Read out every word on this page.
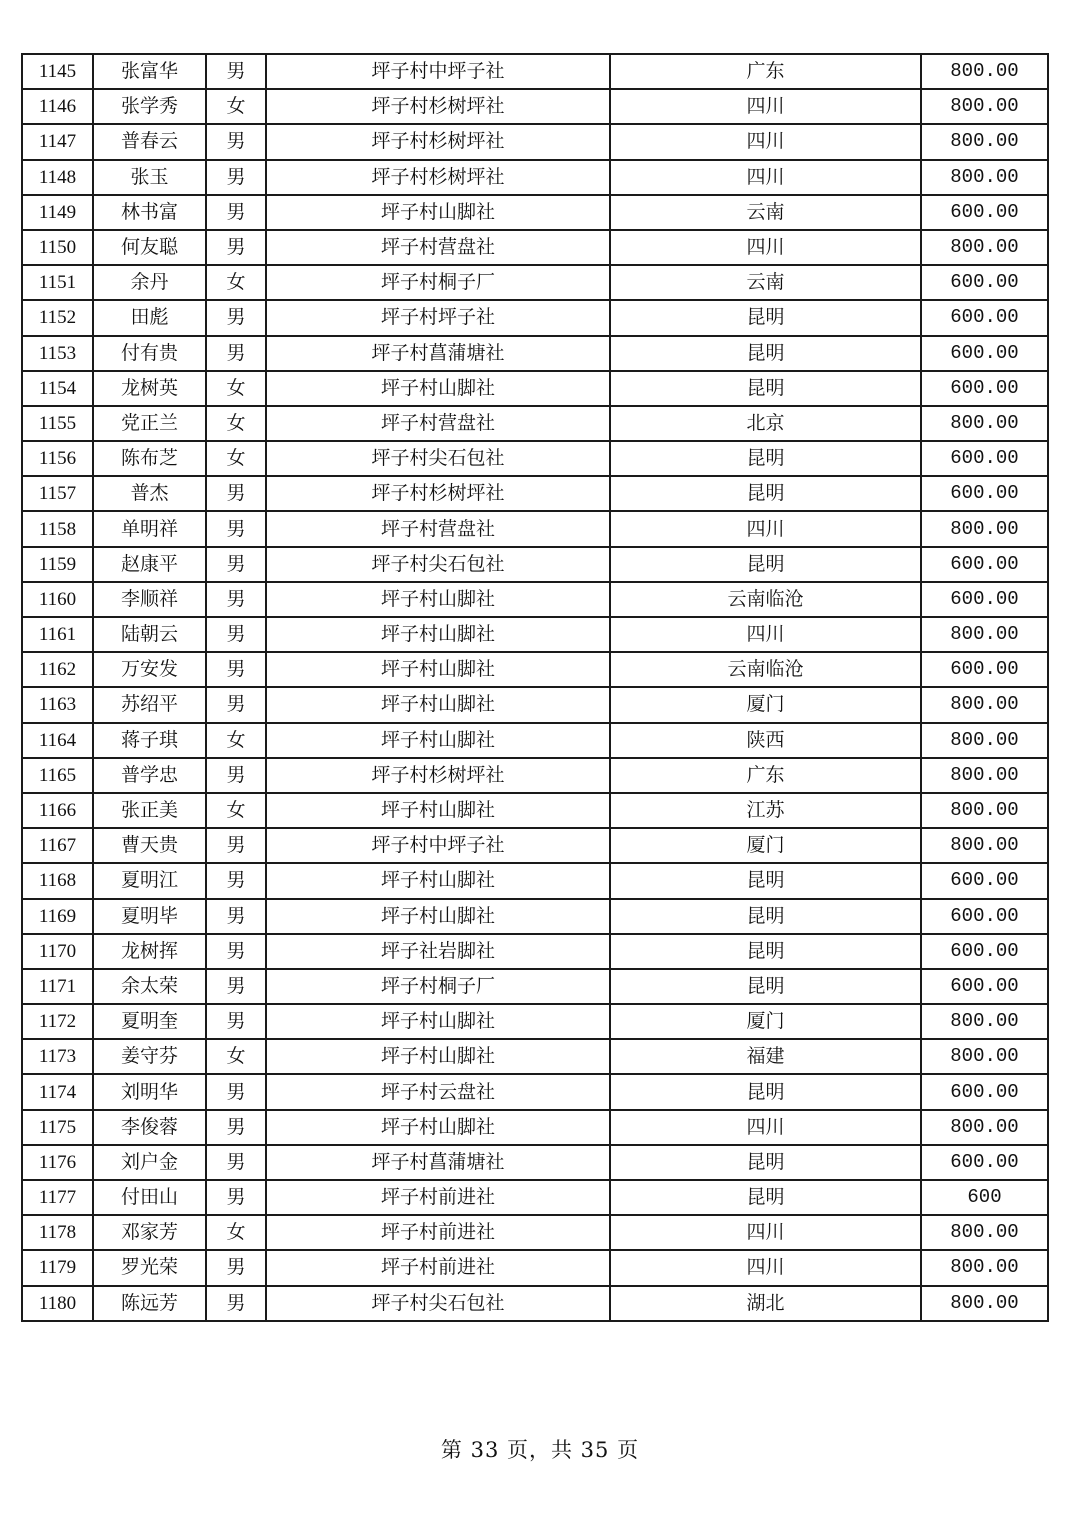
1145	张富华	男	坪子村中坪子社	广东	800.00
1146	张学秀	女	坪子村杉树坪社	四川	800.00
1147	普春云	男	坪子村杉树坪社	四川	800.00
1148	张玉	男	坪子村杉树坪社	四川	800.00
1149	林书富	男	坪子村山脚社	云南	600.00
1150	何友聪	男	坪子村营盘社	四川	800.00
1151	余丹	女	坪子村桐子厂	云南	600.00
1152	田彪	男	坪子村坪子社	昆明	600.00
1153	付有贵	男	坪子村菖蒲塘社	昆明	600.00
1154	龙树英	女	坪子村山脚社	昆明	600.00
1155	党正兰	女	坪子村营盘社	北京	800.00
1156	陈布芝	女	坪子村尖石包社	昆明	600.00
1157	普杰	男	坪子村杉树坪社	昆明	600.00
1158	单明祥	男	坪子村营盘社	四川	800.00
1159	赵康平	男	坪子村尖石包社	昆明	600.00
1160	李顺祥	男	坪子村山脚社	云南临沧	600.00
1161	陆朝云	男	坪子村山脚社	四川	800.00
1162	万安发	男	坪子村山脚社	云南临沧	600.00
1163	苏绍平	男	坪子村山脚社	厦门	800.00
1164	蒋子琪	女	坪子村山脚社	陕西	800.00
1165	普学忠	男	坪子村杉树坪社	广东	800.00
1166	张正美	女	坪子村山脚社	江苏	800.00
1167	曹天贵	男	坪子村中坪子社	厦门	800.00
1168	夏明江	男	坪子村山脚社	昆明	600.00
1169	夏明毕	男	坪子村山脚社	昆明	600.00
1170	龙树挥	男	坪子社岩脚社	昆明	600.00
1171	余太荣	男	坪子村桐子厂	昆明	600.00
1172	夏明奎	男	坪子村山脚社	厦门	800.00
1173	姜守芬	女	坪子村山脚社	福建	800.00
1174	刘明华	男	坪子村云盘社	昆明	600.00
1175	李俊蓉	男	坪子村山脚社	四川	800.00
1176	刘户金	男	坪子村菖蒲塘社	昆明	600.00
1177	付田山	男	坪子村前进社	昆明	600
1178	邓家芳	女	坪子村前进社	四川	800.00
1179	罗光荣	男	坪子村前进社	四川	800.00
1180	陈远芳	男	坪子村尖石包社	湖北	800.00
第 33 页，共 35 页
